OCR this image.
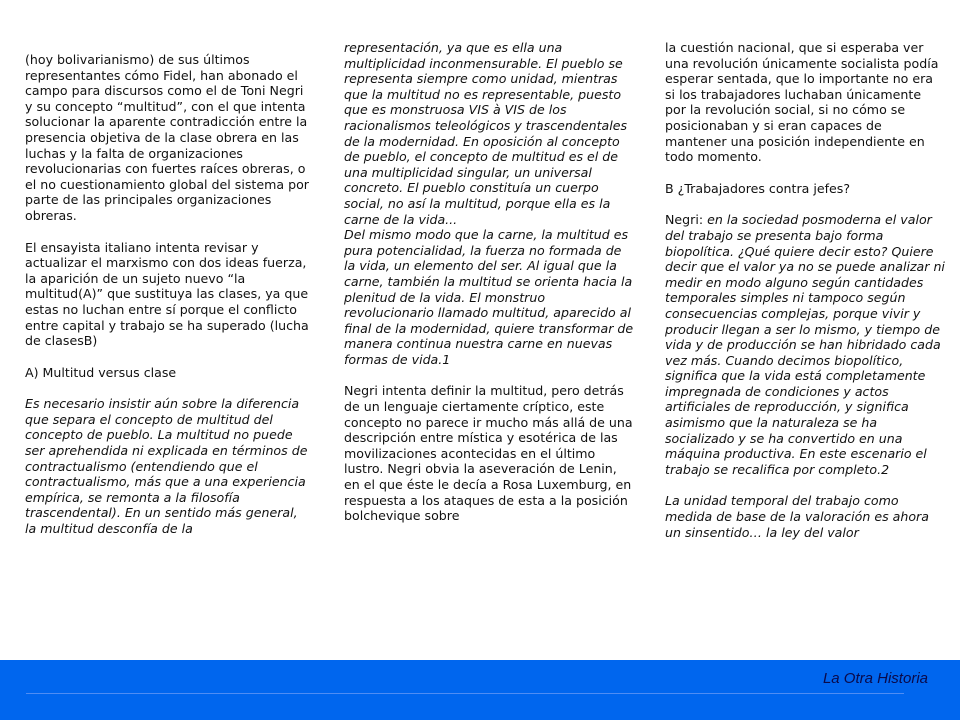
(hoy bolivarianismo) de sus últimos representantes cómo Fidel, han abonado el campo para discursos como el de Toni Negri y su concepto “multitud”, con el que intenta solucionar la aparente contradicción entre la presencia objetiva de la clase obrera en las luchas y la falta de organizaciones revolucionarias con fuertes raíces obreras, o el no cuestionamiento global del sistema por parte de las principales organizaciones obreras.

El ensayista italiano intenta revisar y actualizar el marxismo con dos ideas fuerza, la aparición de un sujeto nuevo “la multitud(A)” que sustituya las clases, ya que estas no luchan entre sí porque el conflicto entre capital y trabajo se ha superado (lucha de clasesB)

A) Multitud versus clase

Es necesario insistir aún sobre la diferencia que separa el concepto de multitud del concepto de pueblo. La multitud no puede ser aprehendida ni explicada en términos de contractualismo (entendiendo que el contractualismo, más que a una experiencia empírica, se remonta a la filosofía trascendental). En un sentido más general, la multitud desconfía de la

representación, ya que es ella una multiplicidad inconmensurable. El pueblo se representa siempre como unidad, mientras que la multitud no es representable, puesto que es monstruosa VIS à VIS de los racionalismos teleológicos y trascendentales de la modernidad. En oposición al concepto de pueblo, el concepto de multitud es el de una multiplicidad singular, un universal concreto. El pueblo constituía un cuerpo social, no así la multitud, porque ella es la carne de la vida...

Del mismo modo que la carne, la multitud es pura potencialidad, la fuerza no formada de la vida, un elemento del ser. Al igual que la carne, también la multitud se orienta hacia la plenitud de la vida. El monstruo revolucionario llamado multitud, aparecido al final de la modernidad, quiere transformar de manera continua nuestra carne en nuevas formas de vida.1

Negri intenta definir la multitud, pero detrás de un lenguaje ciertamente críptico, este concepto no parece ir mucho más allá de una descripción entre mística y esotérica de las movilizaciones acontecidas en el último lustro. Negri obvia la aseveración de Lenin, en el que éste le decía a Rosa Luxemburg, en respuesta a los ataques de esta a la posición bolchevique sobre

la cuestión nacional, que si esperaba ver una revolución únicamente socialista podía esperar sentada, que lo importante no era si los trabajadores luchaban únicamente por la revolución social, si no cómo se posicionaban y si eran capaces de mantener una posición independiente en todo momento.

B ¿Trabajadores contra jefes?

Negri: en la sociedad posmoderna el valor del trabajo se presenta bajo forma biopolítica. ¿Qué quiere decir esto? Quiere decir que el valor ya no se puede analizar ni medir en modo alguno según cantidades temporales simples ni tampoco según consecuencias complejas, porque vivir y producir llegan a ser lo mismo, y tiempo de vida y de producción se han hibridado cada vez más. Cuando decimos biopolítico, significa que la vida está completamente impregnada de condiciones y actos artificiales de reproducción, y significa asimismo que la naturaleza se ha socializado y se ha convertido en una máquina productiva. En este escenario el trabajo se recalifica por completo.2

La unidad temporal del trabajo como medida de base de la valoración es ahora un sinsentido… la ley del valor

La Otra Historia
